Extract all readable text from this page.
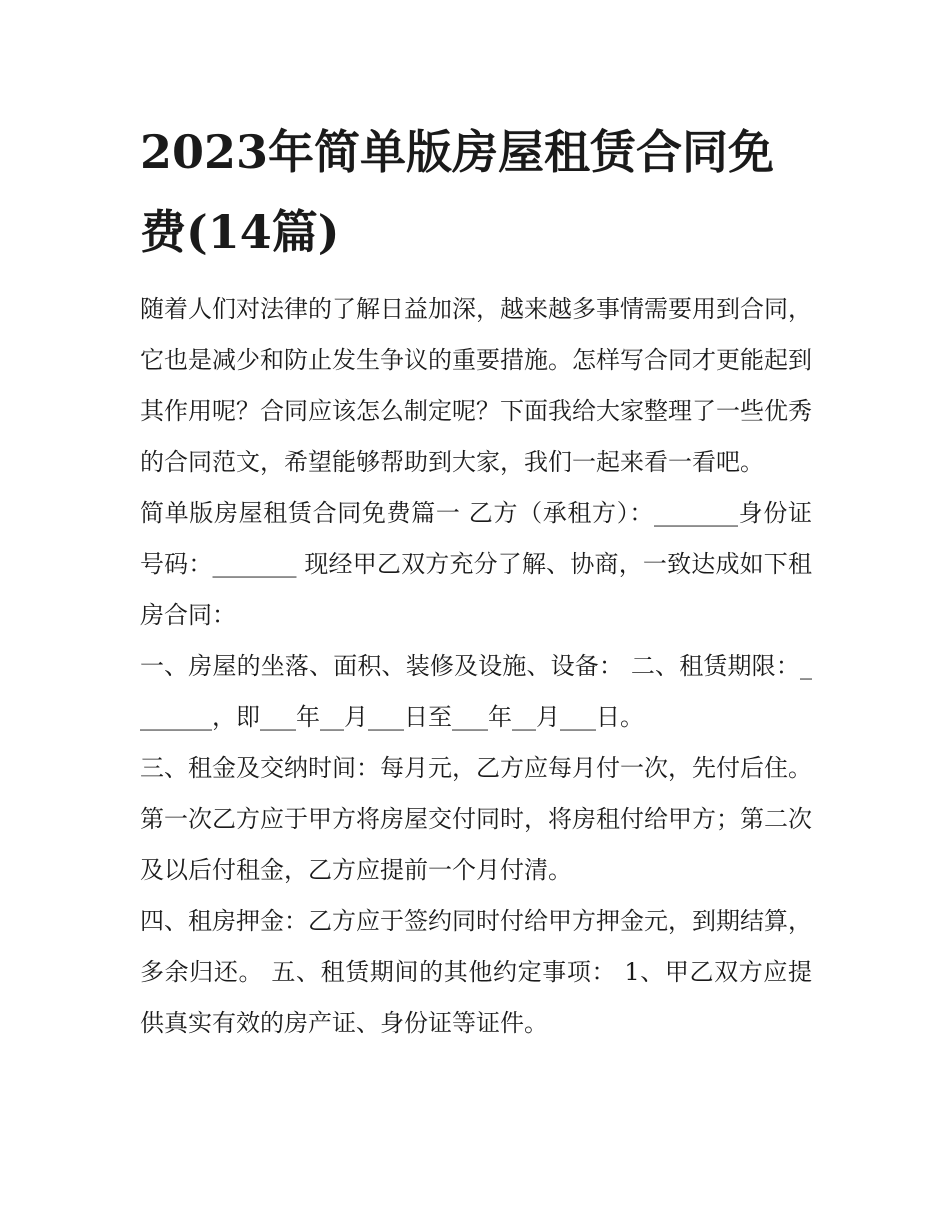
2023年简单版房屋租赁合同免费(14篇)

随着人们对法律的了解日益加深，越来越多事情需要用到合同，它也是减少和防止发生争议的重要措施。怎样写合同才更能起到其作用呢？合同应该怎么制定呢？下面我给大家整理了一些优秀的合同范文，希望能够帮助到大家，我们一起来看一看吧。

简单版房屋租赁合同免费篇一 乙方（承租方）：_______身份证号码：_______ 现经甲乙双方充分了解、协商，一致达成如下租房合同：

一、房屋的坐落、面积、装修及设施、设备： 二、租赁期限：_______，即___年__月___日至___年__月___日。

三、租金及交纳时间：每月元，乙方应每月付一次，先付后住。第一次乙方应于甲方将房屋交付同时，将房租付给甲方；第二次及以后付租金，乙方应提前一个月付清。

四、租房押金：乙方应于签约同时付给甲方押金元，到期结算，多余归还。 五、租赁期间的其他约定事项： 1、甲乙双方应提供真实有效的房产证、身份证等证件。
